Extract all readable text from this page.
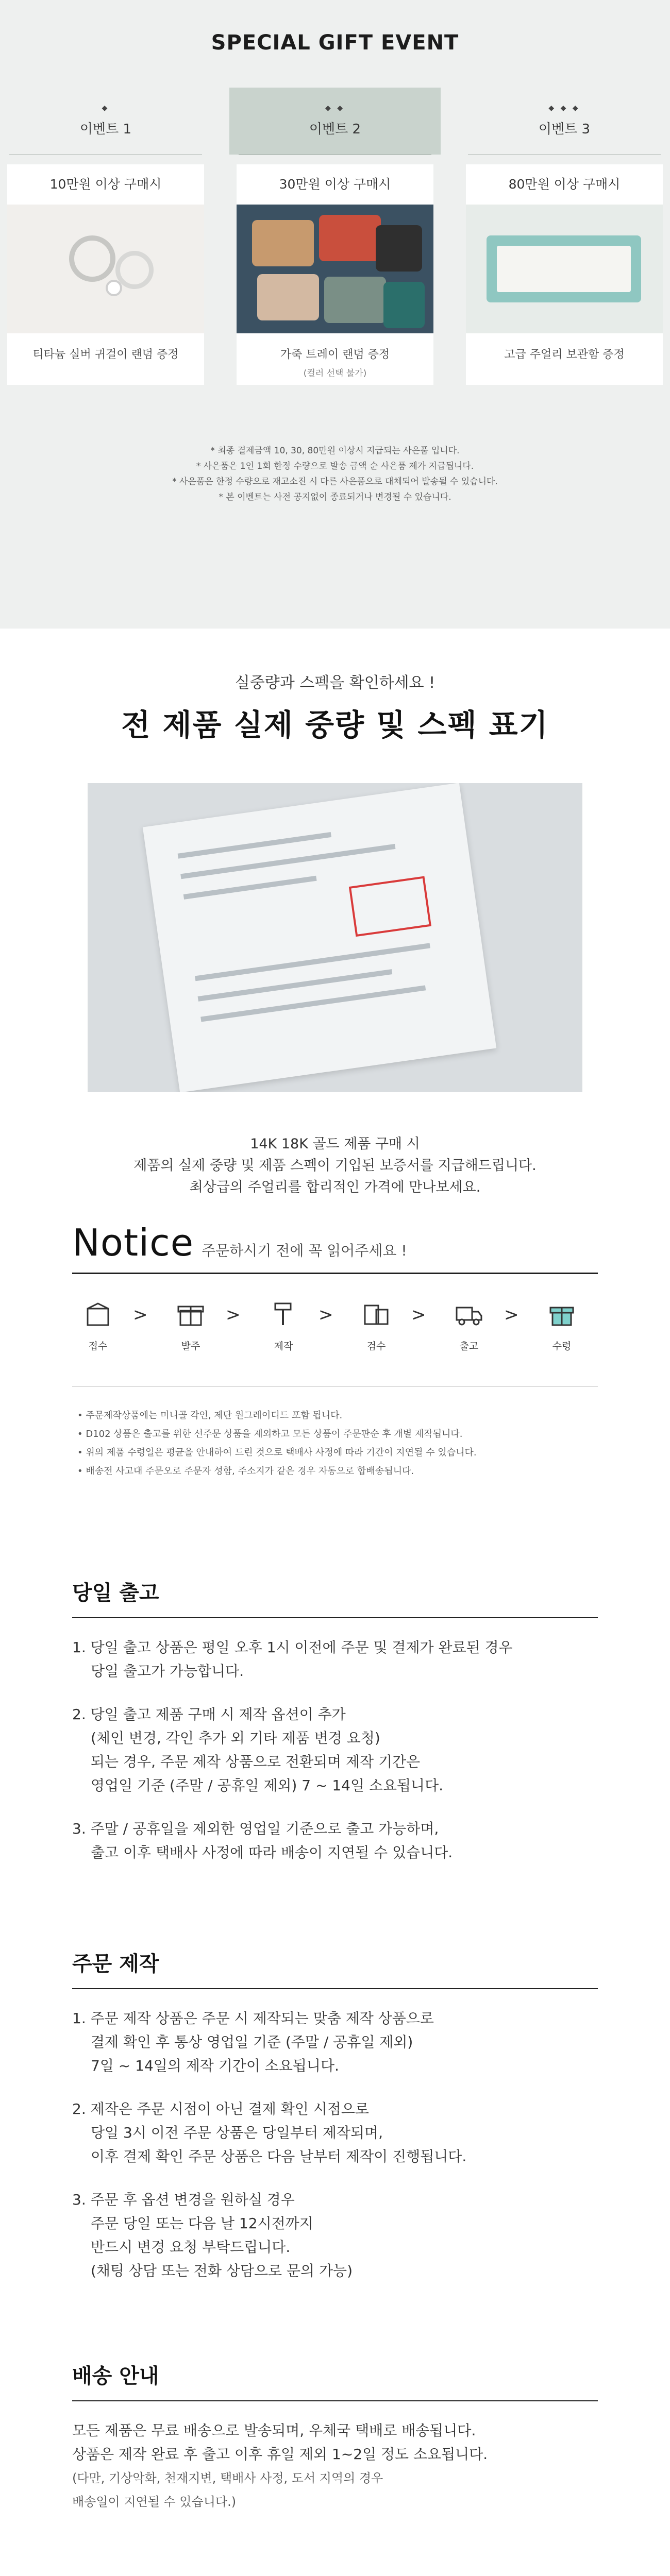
SPECIAL GIFT EVENT
◆
이벤트 1
10만원 이상 구매시
티타늄 실버 귀걸이 랜덤 증정
◆ ◆
이벤트 2
30만원 이상 구매시
가죽 트레이 랜덤 증정
(컬러 선택 불가)
◆ ◆ ◆
이벤트 3
80만원 이상 구매시
고급 주얼리 보관함 증정
* 최종 결제금액 10, 30, 80만원 이상시 지급되는 사은품 입니다.
* 사은품은 1인 1회 한정 수량으로 발송 금액 순 사은품 제가 지급됩니다.
* 사은품은 한정 수량으로 재고소진 시 다른 사은품으로 대체되어 발송될 수 있습니다.
* 본 이벤트는 사전 공지없이 종료되거나 변경될 수 있습니다.
실중량과 스펙을 확인하세요 !
전 제품 실제 중량 및 스펙 표기
14K 18K 골드 제품 구매 시
제품의 실제 중량 및 제품 스펙이 기입된 보증서를 지급해드립니다.
최상급의 주얼리를 합리적인 가격에 만나보세요.
Notice 주문하시기 전에 꼭 읽어주세요 !
접수
>
발주
>
제작
>
검수
>
출고
>
수령
• 주문제작상품에는 미니골 각인, 제단 원그레이디드 포함 됩니다.
• D102 상품은 출고를 위한 선주문 상품을 제외하고 모든 상품이 주문판순 후 개별 제작됩니다.
• 위의 제품 수령일은 평균을 안내하여 드린 것으로 택배사 사정에 따라 기간이 지연될 수 있습니다.
• 배송전 사고대 주문오로 주문자 성함, 주소지가 같은 경우 자동으로 합배송됩니다.
당일 출고
1. 당일 출고 상품은 평일 오후 1시 이전에 주문 및 결제가 완료된 경우
당일 출고가 가능합니다.
2. 당일 출고 제품 구매 시 제작 옵션이 추가
(체인 변경, 각인 추가 외 기타 제품 변경 요청)
되는 경우, 주문 제작 상품으로 전환되며 제작 기간은
영업일 기준 (주말 / 공휴일 제외) 7 ~ 14일 소요됩니다.
3. 주말 / 공휴일을 제외한 영업일 기준으로 출고 가능하며,
출고 이후 택배사 사정에 따라 배송이 지연될 수 있습니다.
주문 제작
1. 주문 제작 상품은 주문 시 제작되는 맞춤 제작 상품으로
결제 확인 후 통상 영업일 기준 (주말 / 공휴일 제외)
7일 ~ 14일의 제작 기간이 소요됩니다.
2. 제작은 주문 시점이 아닌 결제 확인 시점으로
당일 3시 이전 주문 상품은 당일부터 제작되며,
이후 결제 확인 주문 상품은 다음 날부터 제작이 진행됩니다.
3. 주문 후 옵션 변경을 원하실 경우
주문 당일 또는 다음 날 12시전까지
반드시 변경 요청 부탁드립니다.
(채팅 상담 또는 전화 상담으로 문의 가능)
배송 안내
모든 제품은 무료 배송으로 발송되며, 우체국 택배로 배송됩니다.
상품은 제작 완료 후 출고 이후 휴일 제외 1~2일 정도 소요됩니다.
(다만, 기상악화, 천재지변, 택배사 사정, 도서 지역의 경우
배송일이 지연될 수 있습니다.)
